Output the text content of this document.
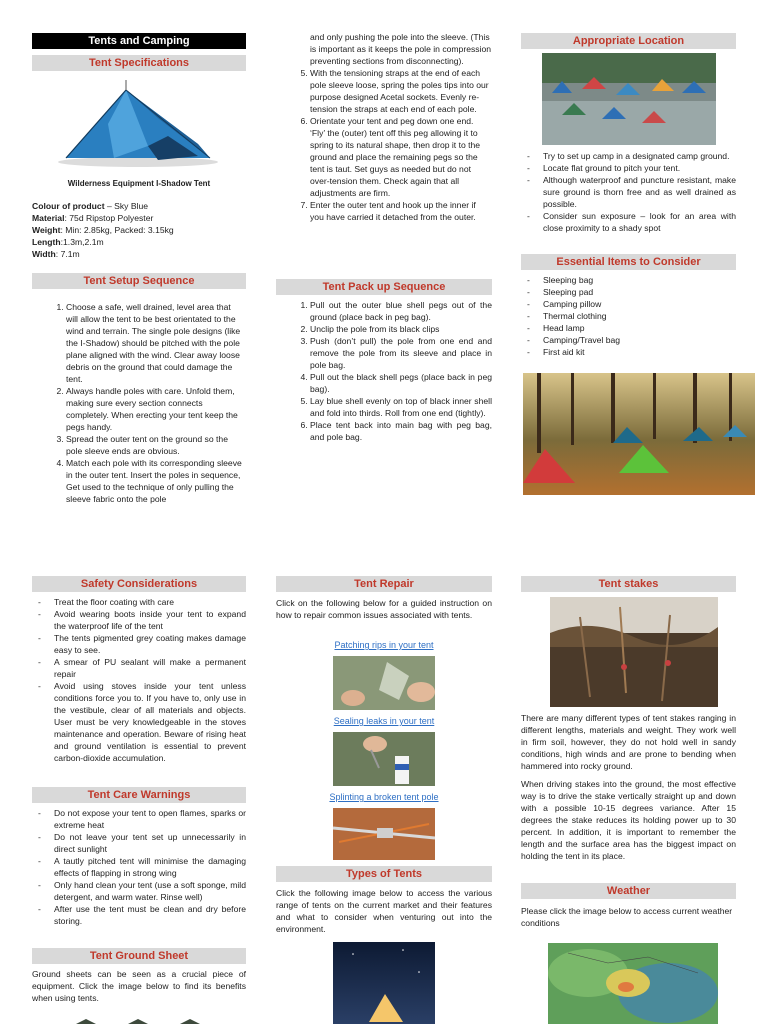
Tents and Camping
Tent Specifications

Wilderness Equipment I-Shadow Tent

Colour of product – Sky Blue
Material: 75d Ripstop Polyester
Weight: Min: 2.85kg, Packed: 3.15kg
Length:1.3m,2.1m
Width: 7.1m
Tent Setup Sequence
1. Choose a safe, well drained, level area that will allow the tent to be best orientated to the wind and terrain. The single pole designs (like the I-Shadow) should be pitched with the pole plane aligned with the wind. Clear away loose debris on the ground that could damage the tent.
2. Always handle poles with care. Unfold them, making sure every section connects completely. When erecting your tent keep the pegs handy.
3. Spread the outer tent on the ground so the pole sleeve ends are obvious.
4. Match each pole with its corresponding sleeve in the outer tent. Insert the poles in sequence, Get used to the technique of only pulling the sleeve fabric onto the pole
Safety Considerations
- Treat the floor coating with care
- Avoid wearing boots inside your tent to expand the waterproof life of the tent
- The tents pigmented grey coating makes damage easy to see.
- A smear of PU sealant will make a permanent repair
- Avoid using stoves inside your tent unless conditions force you to. If you have to, only use in the vestibule, clear of all materials and objects. User must be very knowledgeable in the stoves maintenance and operation. Beware of rising heat and ground ventilation is essential to prevent carbon-dioxide accumulation.
Tent Care Warnings
- Do not expose your tent to open flames, sparks or extreme heat
- Do not leave your tent set up unnecessarily in direct sunlight
- A tautly pitched tent will minimise the damaging effects of flapping in strong wing
- Only hand clean your tent (use a soft sponge, mild detergent, and warm water. Rinse well)
- After use the tent must be clean and dry before storing.
Tent Ground Sheet

Ground sheets can be seen as a crucial piece of equipment. Click the image below to find its benefits when using tents.

and only pushing the pole into the sleeve. (This is important as it keeps the pole in compression preventing sections from disconnecting).

5. With the tensioning straps at the end of each pole sleeve loose, spring the poles tips into our purpose designed Acetal sockets. Evenly re-tension the straps at each end of each pole.
6. Orientate your tent and peg down one end. ‘Fly’ the (outer) tent off this peg allowing it to spring to its natural shape, then drop it to the ground and place the remaining pegs so the tent is taut. Set guys as needed but do not over-tension them. Check again that all adjustments are firm.
7. Enter the outer tent and hook up the inner if you have carried it detached from the outer.
Tent Pack up Sequence
1. Pull out the outer blue shell pegs out of the ground (place back in peg bag).
2. Unclip the pole from its black clips
3. Push (don’t pull) the pole from one end and remove the pole from its sleeve and place in pole bag.
4. Pull out the black shell pegs (place back in peg bag).
5. Lay blue shell evenly on top of black inner shell and fold into thirds. Roll from one end (tightly).
6. Place tent back into main bag with peg bag, and pole bag.
Tent Repair

Click on the following below for a guided instruction on how to repair common issues associated with tents.

Patching rips in your tent
Sealing leaks in your tent
Splinting a broken tent pole
Types of Tents

Click the following image below to access the various range of tents on the current market and their features and what to consider when venturing out into the environment.

Appropriate Location
- Try to set up camp in a designated camp ground.
- Locate flat ground to pitch your tent.
- Although waterproof and puncture resistant, make sure ground is thorn free and as well drained as possible.
- Consider sun exposure – look for an area with close proximity to a shady spot
Essential Items to Consider
- Sleeping bag
- Sleeping pad
- Camping pillow
- Thermal clothing
- Head lamp
- Camping/Travel bag
- First aid kit
Tent stakes

There are many different types of tent stakes ranging in different lengths, materials and weight. They work well in firm soil, however, they do not hold well in sandy conditions, high winds and are prone to bending when hammered into rocky ground.

When driving stakes into the ground, the most effective way is to drive the stake vertically straight up and down with a possible 10-15 degrees variance. After 15 degrees the stake reduces its holding power up to 30 percent. In addition, it is important to remember the length and the surface area has the biggest impact on holding the tent in its place.

Weather

Please click the image below to access current weather conditions
